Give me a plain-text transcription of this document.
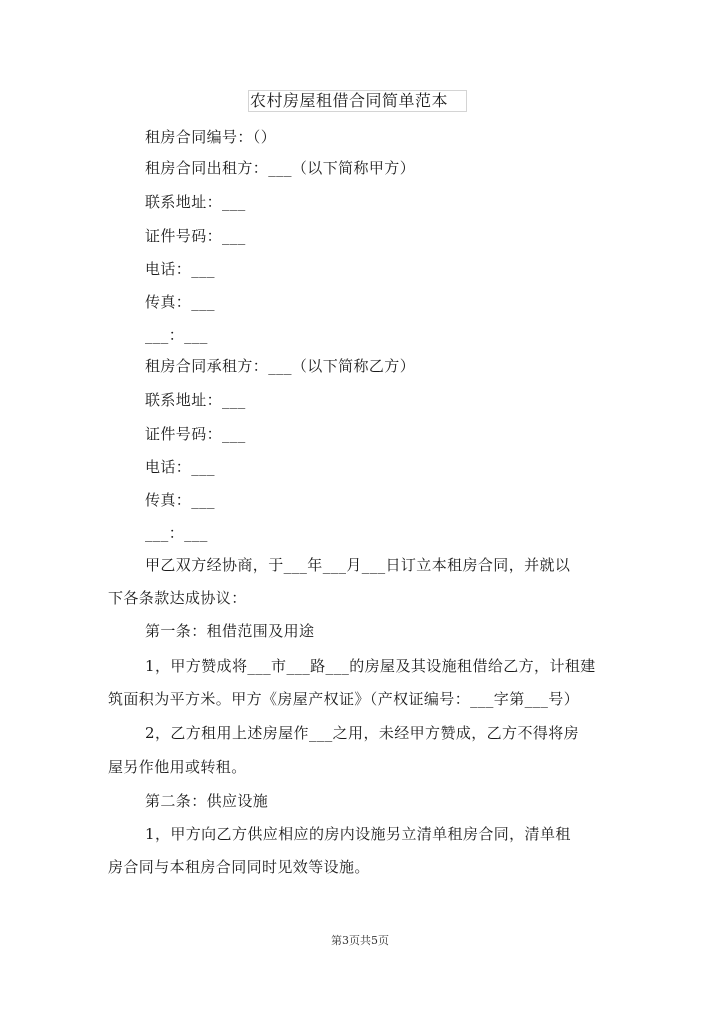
农村房屋租借合同简单范本
租房合同编号：（）
租房合同出租方：___（以下简称甲方）
联系地址：___
证件号码：___
电话：___
传真：___
___：___
租房合同承租方：___（以下简称乙方）
联系地址：___
证件号码：___
电话：___
传真：___
___：___
甲乙双方经协商，于___年___月___日订立本租房合同，并就以
下各条款达成协议：
第一条：租借范围及用途
1，甲方赞成将___市___路___的房屋及其设施租借给乙方，计租建
筑面积为平方米。甲方《房屋产权证》（产权证编号：___字第___号）
2，乙方租用上述房屋作___之用，未经甲方赞成，乙方不得将房
屋另作他用或转租。
第二条：供应设施
1，甲方向乙方供应相应的房内设施另立清单租房合同，清单租
房合同与本租房合同同时见效等设施。
第3页共5页
